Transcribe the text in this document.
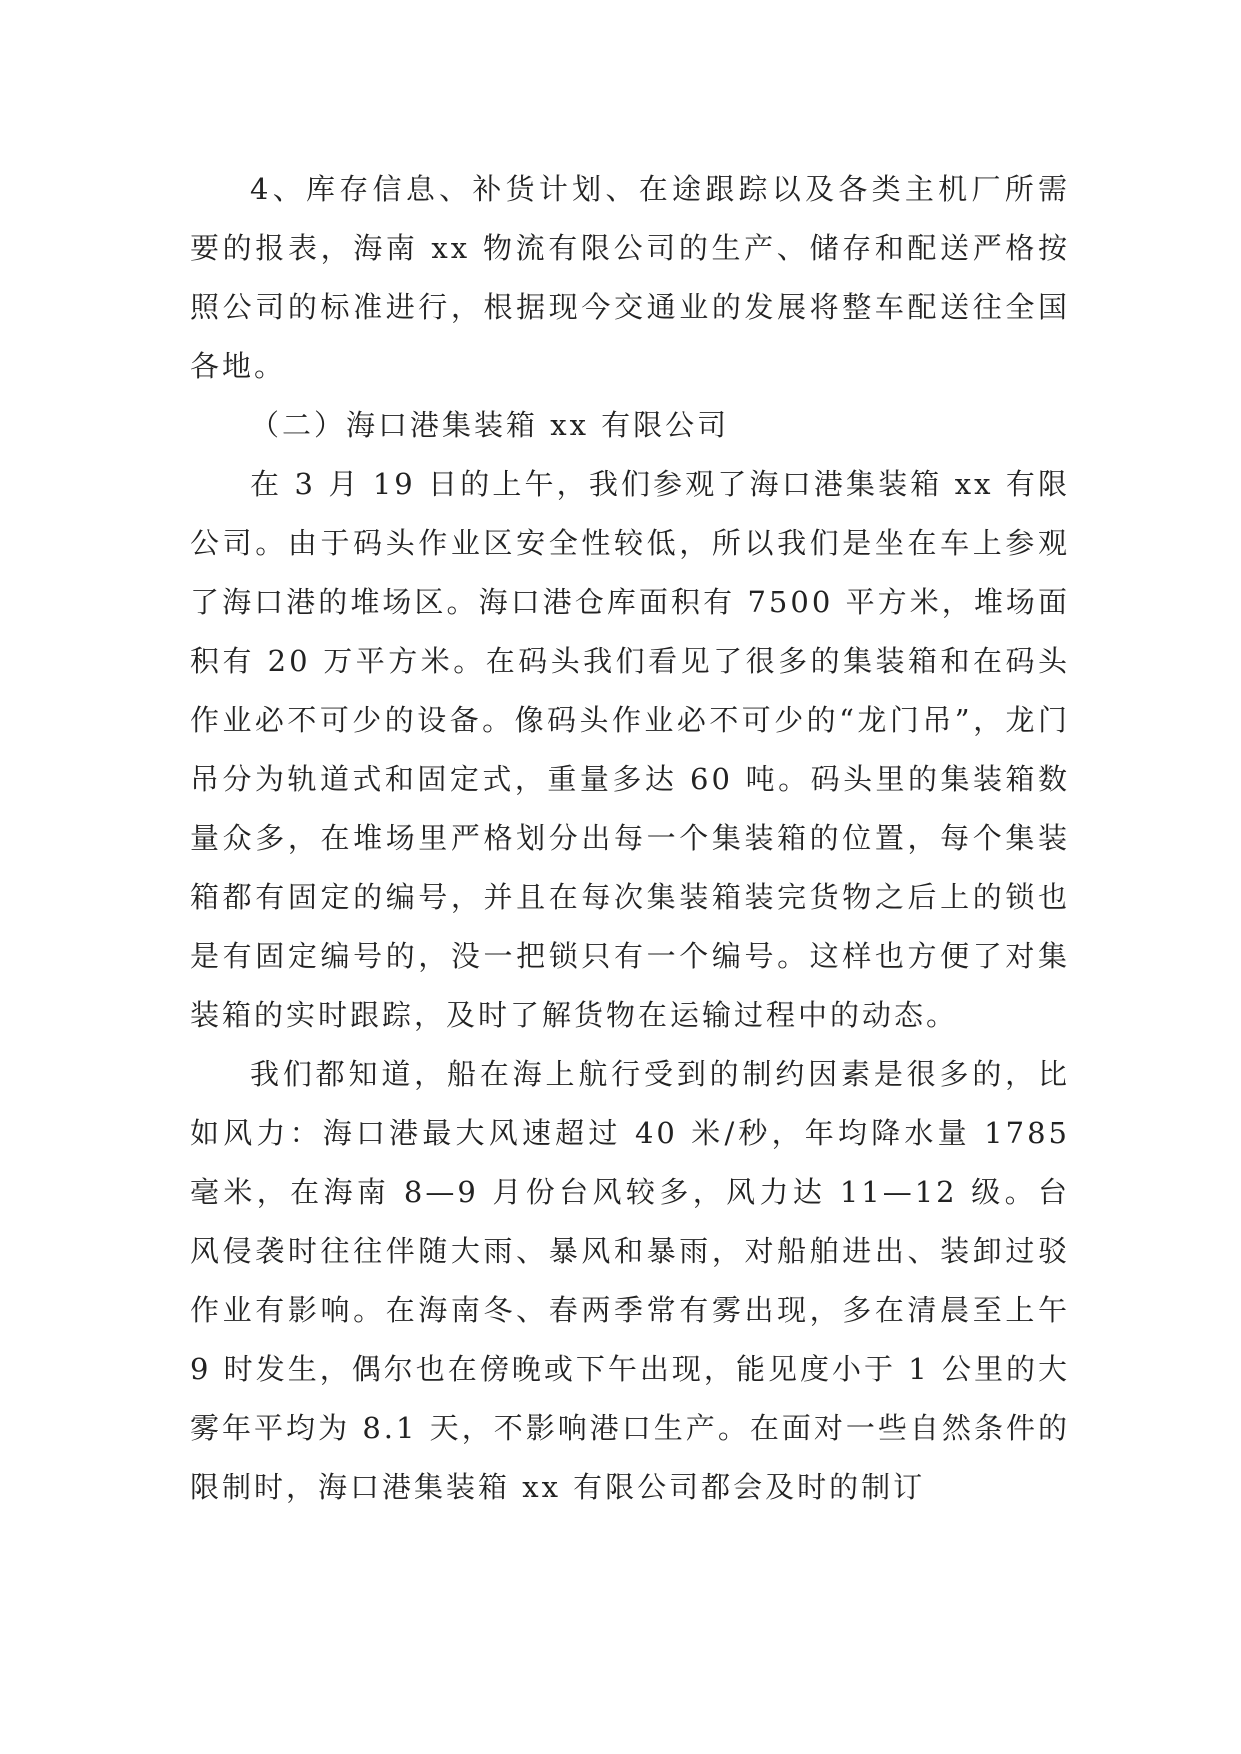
4、库存信息、补货计划、在途跟踪以及各类主机厂所需要的报表，海南 xx 物流有限公司的生产、储存和配送严格按照公司的标准进行，根据现今交通业的发展将整车配送往全国各地。

（二）海口港集装箱 xx 有限公司

在 3 月 19 日的上午，我们参观了海口港集装箱 xx 有限公司。由于码头作业区安全性较低，所以我们是坐在车上参观了海口港的堆场区。海口港仓库面积有 7500 平方米，堆场面积有 20 万平方米。在码头我们看见了很多的集装箱和在码头作业必不可少的设备。像码头作业必不可少的“龙门吊”，龙门吊分为轨道式和固定式，重量多达 60 吨。码头里的集装箱数量众多，在堆场里严格划分出每一个集装箱的位置，每个集装箱都有固定的编号，并且在每次集装箱装完货物之后上的锁也是有固定编号的，没一把锁只有一个编号。这样也方便了对集装箱的实时跟踪，及时了解货物在运输过程中的动态。

我们都知道，船在海上航行受到的制约因素是很多的，比如风力：海口港最大风速超过 40 米/秒，年均降水量 1785 毫米，在海南 8—9 月份台风较多，风力达 11—12 级。台风侵袭时往往伴随大雨、暴风和暴雨，对船舶进出、装卸过驳作业有影响。在海南冬、春两季常有雾出现，多在清晨至上午 9 时发生，偶尔也在傍晚或下午出现，能见度小于 1 公里的大雾年平均为 8.1 天，不影响港口生产。在面对一些自然条件的限制时，海口港集装箱 xx 有限公司都会及时的制订
